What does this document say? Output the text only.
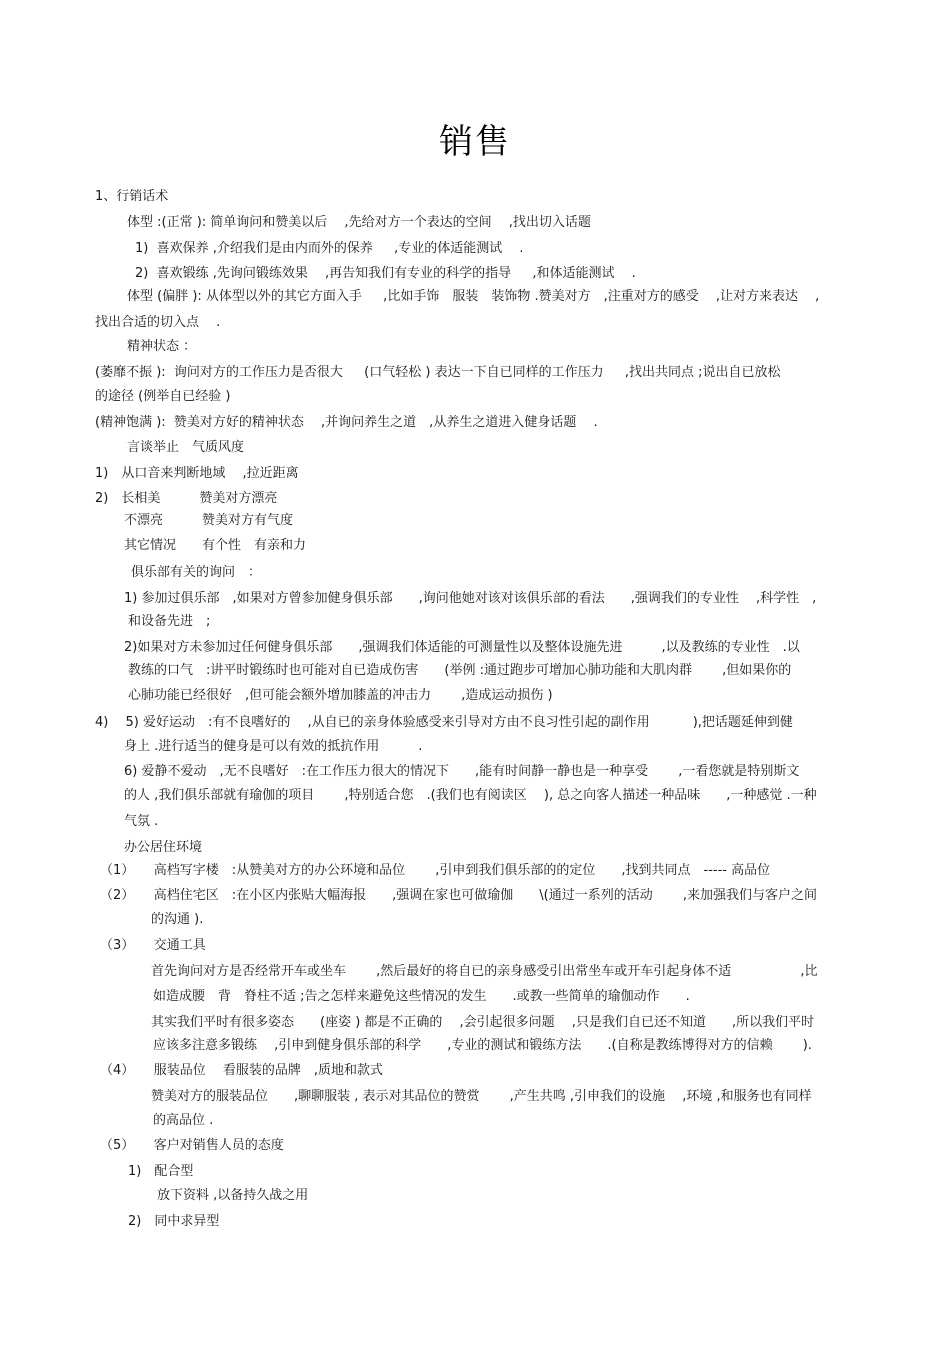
销售
1、行销话术
体型 :(正常 ): 简单询问和赞美以后　 ,先给对方一个表达的空间　 ,找出切入话题
1)  喜欢保养 ,介绍我们是由内而外的保养　  ,专业的体适能测试　 .
2)  喜欢锻练 ,先询问锻练效果　 ,再告知我们有专业的科学的指导　  ,和体适能测试　 .
体型 (偏胖 ): 从体型以外的其它方面入手　  ,比如手饰　服装　装饰物 .赞美对方　,注重对方的感受　 ,让对方来表达　 ,
找出合适的切入点　 .
精神状态 ：
(萎靡不振 ):  询问对方的工作压力是否很大　  (口气轻松 ) 表达一下自已同样的工作压力　  ,找出共同点 ;说出自已放松
的途径 (例举自已经验 )
(精神饱满 ):  赞美对方好的精神状态　 ,并询问养生之道　,从养生之道进入健身话题　 .
言谈举止　气质风度
1)　从口音来判断地域　 ,拉近距离
2)　长相美　　　赞美对方漂亮
不漂亮　　　赞美对方有气度
其它情况　　有个性　有亲和力
俱乐部有关的询问　：
1) 参加过俱乐部　,如果对方曾参加健身俱乐部　　,询问他她对该对该俱乐部的看法　　,强调我们的专业性　 ,科学性　,
和设备先进　;
2)如果对方未参加过任何健身俱乐部　　,强调我们体适能的可测量性以及整体设施先进　　　,以及教练的专业性　.以
教练的口气　:讲平时锻练时也可能对自已造成伤害　　(举例 :通过跑步可增加心肺功能和大肌肉群　　 ,但如果你的
心肺功能已经很好　,但可能会额外增加膝盖的冲击力　　 ,造成运动损伤 )
4)　 5) 爱好运动　:有不良嗜好的　 ,从自已的亲身体验感受来引导对方由不良习性引起的副作用　　　 ),把话题延伸到健
身上 .进行适当的健身是可以有效的抵抗作用　　　.
6) 爱静不爱动　,无不良嗜好　:在工作压力很大的情况下　　,能有时间静一静也是一种享受　　 ,一看您就是特别斯文
的人 ,我们俱乐部就有瑜伽的项目　　 ,特别适合您　.(我们也有阅读区　 ), 总之向客人描述一种品味　　,一种感觉 .一种
气氛 .
办公居住环境
（1）　　高档写字楼　:从赞美对方的办公环境和品位　　 ,引申到我们俱乐部的的定位　　,找到共同点　----- 高品位
（2）　　高档住宅区　:在小区内张贴大幅海报　　,强调在家也可做瑜伽　　\(通过一系列的活动　　 ,来加强我们与客户之间
的沟通 ).
（3）　　交通工具
首先询问对方是否经常开车或坐车　　 ,然后最好的将自已的亲身感受引出常坐车或开车引起身体不适　　　　　 ,比
如造成腰　背　脊柱不适 ;告之怎样来避免这些情况的发生　　.或教一些简单的瑜伽动作　　.
其实我们平时有很多姿态　　(座姿 ) 都是不正确的　 ,会引起很多问题　 ,只是我们自已还不知道　　,所以我们平时
应该多注意多锻练　 ,引申到健身俱乐部的科学　　,专业的测试和锻练方法　　.(自称是教练博得对方的信赖　　 ).
（4）　　服装品位　 看服装的品牌　,质地和款式
赞美对方的服装品位　　,聊聊服装 , 表示对其品位的赞赏　　 ,产生共鸣 ,引申我们的设施　 ,环境 ,和服务也有同样
的高品位 .
（5）　　客户对销售人员的态度
1)　配合型
放下资料 ,以备持久战之用
2)　同中求异型
